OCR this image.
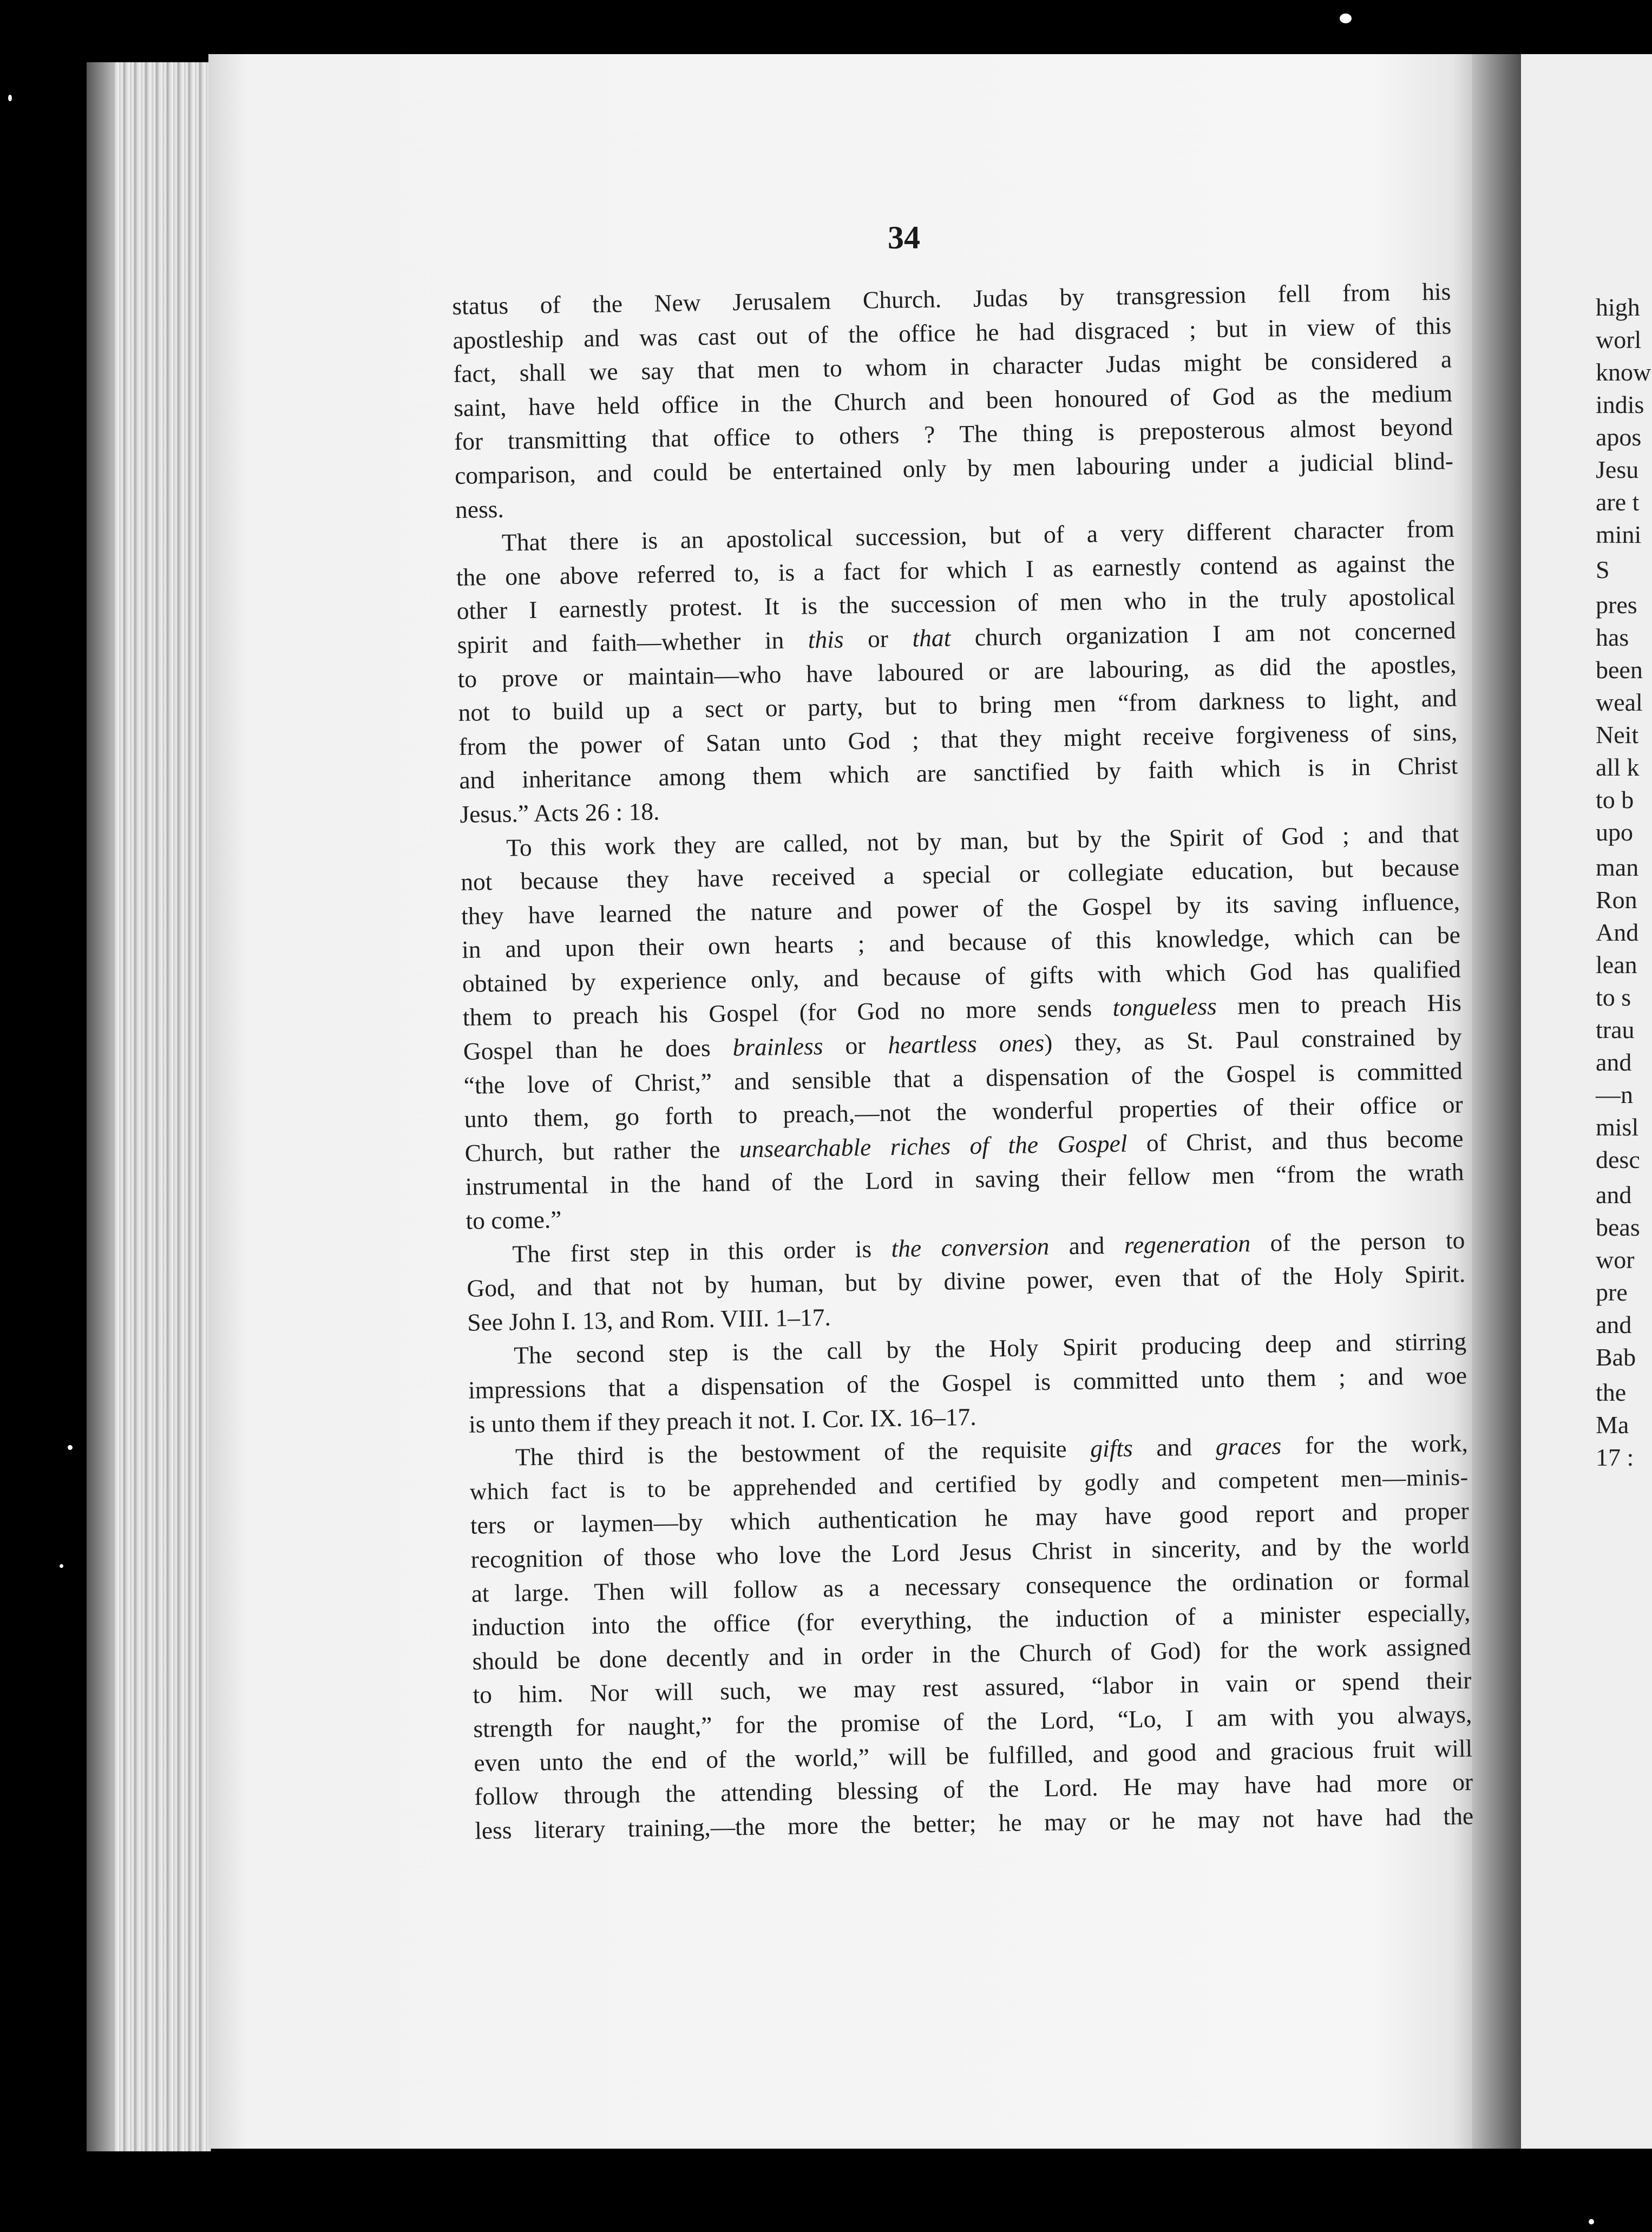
high
worl
know
indis
apos
Jesu
are t
mini
S
pres
has
been
weal
Neit
all k
to b
upo
man
Ron
And
lean
to s
trau
and
—n
misl
desc
and
beas
wor
pre
and
Bab
the
Ma
17 :
34
status of the New Jerusalem Church. Judas by transgression fell from his
apostleship and was cast out of the office he had disgraced ; but in view of this
fact, shall we say that men to whom in character Judas might be considered a
saint, have held office in the Church and been honoured of God as the medium
for transmitting that office to others ? The thing is preposterous almost beyond
comparison, and could be entertained only by men labouring under a judicial blind-
ness.
That there is an apostolical succession, but of a very different character from
the one above referred to, is a fact for which I as earnestly contend as against the
other I earnestly protest. It is the succession of men who in the truly apostolical
spirit and faith—whether in this or that church organization I am not concerned
to prove or maintain—who have laboured or are labouring, as did the apostles,
not to build up a sect or party, but to bring men “from darkness to light, and
from the power of Satan unto God ; that they might receive forgiveness of sins,
and inheritance among them which are sanctified by faith which is in Christ
Jesus.” Acts 26 : 18.
To this work they are called, not by man, but by the Spirit of God ; and that
not because they have received a special or collegiate education, but because
they have learned the nature and power of the Gospel by its saving influence,
in and upon their own hearts ; and because of this knowledge, which can be
obtained by experience only, and because of gifts with which God has qualified
them to preach his Gospel (for God no more sends tongueless men to preach His
Gospel than he does brainless or heartless ones) they, as St. Paul constrained by
“the love of Christ,” and sensible that a dispensation of the Gospel is committed
unto them, go forth to preach,—not the wonderful properties of their office or
Church, but rather the unsearchable riches of the Gospel of Christ, and thus become
instrumental in the hand of the Lord in saving their fellow men “from the wrath
to come.”
The first step in this order is the conversion and regeneration of the person to
God, and that not by human, but by divine power, even that of the Holy Spirit.
See John I. 13, and Rom. VIII. 1–17.
The second step is the call by the Holy Spirit producing deep and stirring
impressions that a dispensation of the Gospel is committed unto them ; and woe
is unto them if they preach it not. I. Cor. IX. 16–17.
The third is the bestowment of the requisite gifts and graces for the work,
which fact is to be apprehended and certified by godly and competent men—minis-
ters or laymen—by which authentication he may have good report and proper
recognition of those who love the Lord Jesus Christ in sincerity, and by the world
at large. Then will follow as a necessary consequence the ordination or formal
induction into the office (for everything, the induction of a minister especially,
should be done decently and in order in the Church of God) for the work assigned
to him. Nor will such, we may rest assured, “labor in vain or spend their
strength for naught,” for the promise of the Lord, “Lo, I am with you always,
even unto the end of the world,” will be fulfilled, and good and gracious fruit will
follow through the attending blessing of the Lord. He may have had more or
less literary training,—the more the better; he may or he may not have had the
